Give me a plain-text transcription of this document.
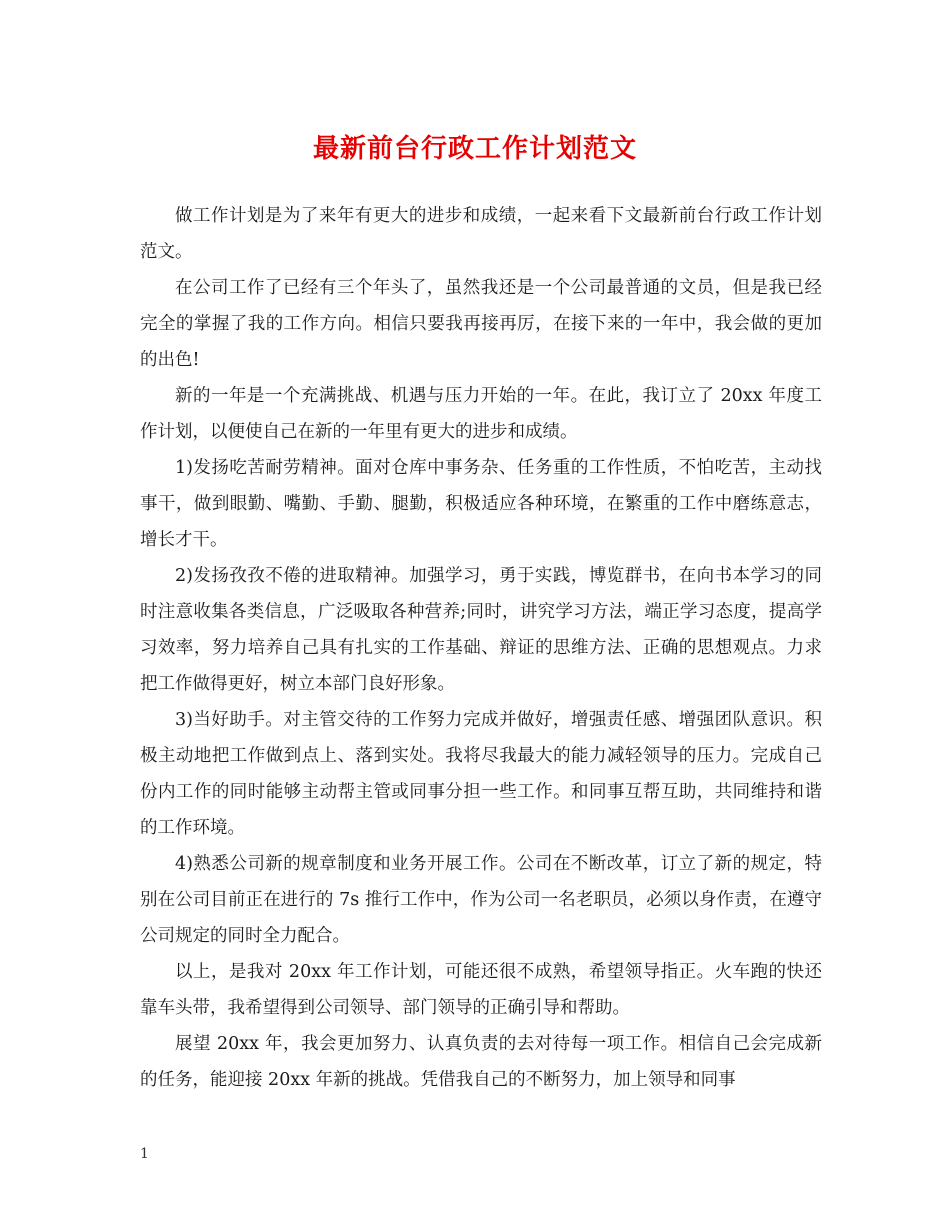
最新前台行政工作计划范文

做工作计划是为了来年有更大的进步和成绩，一起来看下文最新前台行政工作计划范文。

在公司工作了已经有三个年头了，虽然我还是一个公司最普通的文员，但是我已经完全的掌握了我的工作方向。相信只要我再接再厉，在接下来的一年中，我会做的更加的出色!

新的一年是一个充满挑战、机遇与压力开始的一年。在此，我订立了 20xx 年度工作计划，以便使自己在新的一年里有更大的进步和成绩。

1)发扬吃苦耐劳精神。面对仓库中事务杂、任务重的工作性质，不怕吃苦，主动找事干，做到眼勤、嘴勤、手勤、腿勤，积极适应各种环境，在繁重的工作中磨练意志，增长才干。

2)发扬孜孜不倦的进取精神。加强学习，勇于实践，博览群书，在向书本学习的同时注意收集各类信息，广泛吸取各种营养;同时，讲究学习方法，端正学习态度，提高学习效率，努力培养自己具有扎实的工作基础、辩证的思维方法、正确的思想观点。力求把工作做得更好，树立本部门良好形象。

3)当好助手。对主管交待的工作努力完成并做好，增强责任感、增强团队意识。积极主动地把工作做到点上、落到实处。我将尽我最大的能力减轻领导的压力。完成自己份内工作的同时能够主动帮主管或同事分担一些工作。和同事互帮互助，共同维持和谐的工作环境。

4)熟悉公司新的规章制度和业务开展工作。公司在不断改革，订立了新的规定，特别在公司目前正在进行的 7s 推行工作中，作为公司一名老职员，必须以身作责，在遵守公司规定的同时全力配合。

以上，是我对 20xx 年工作计划，可能还很不成熟，希望领导指正。火车跑的快还靠车头带，我希望得到公司领导、部门领导的正确引导和帮助。

展望 20xx 年，我会更加努力、认真负责的去对待每一项工作。相信自己会完成新的任务，能迎接 20xx 年新的挑战。凭借我自己的不断努力，加上领导和同事

1
